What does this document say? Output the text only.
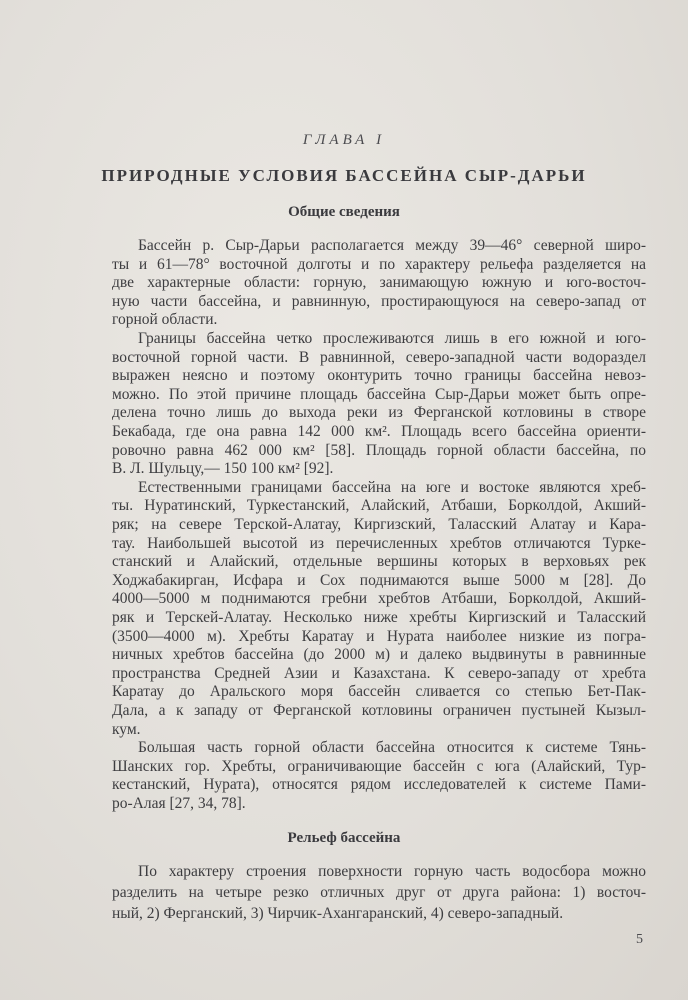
ГЛАВА I
ПРИРОДНЫЕ УСЛОВИЯ БАССЕЙНА СЫР-ДАРЬИ
Общие сведения
Бассейн р. Сыр-Дарьи располагается между 39—46° северной широ-
ты и 61—78° восточной долготы и по характеру рельефа разделяется на
две характерные области: горную, занимающую южную и юго-восточ-
ную части бассейна, и равнинную, простирающуюся на северо-запад от
горной области.
Границы бассейна четко прослеживаются лишь в его южной и юго-
восточной горной части. В равнинной, северо-западной части водораздел
выражен неясно и поэтому оконтурить точно границы бассейна невоз-
можно. По этой причине площадь бассейна Сыр-Дарьи может быть опре-
делена точно лишь до выхода реки из Ферганской котловины в створе
Бекабада, где она равна 142 000 км². Площадь всего бассейна ориенти-
ровочно равна 462 000 км² [58]. Площадь горной области бассейна, по
В. Л. Шульцу,— 150 100 км² [92].
Естественными границами бассейна на юге и востоке являются хреб-
ты. Нуратинский, Туркестанский, Алайский, Атбаши, Борколдой, Акший-
ряк; на севере Терской-Алатау, Киргизский, Таласский Алатау и Кара-
тау. Наибольшей высотой из перечисленных хребтов отличаются Турке-
станский и Алайский, отдельные вершины которых в верховьях рек
Ходжабакирган, Исфара и Сох поднимаются выше 5000 м [28]. До
4000—5000 м поднимаются гребни хребтов Атбаши, Борколдой, Акший-
ряк и Терскей-Алатау. Несколько ниже хребты Киргизский и Таласский
(3500—4000 м). Хребты Каратау и Нурата наиболее низкие из погра-
ничных хребтов бассейна (до 2000 м) и далеко выдвинуты в равнинные
пространства Средней Азии и Казахстана. К северо-западу от хребта
Каратау до Аральского моря бассейн сливается со степью Бет-Пак-
Дала, а к западу от Ферганской котловины ограничен пустыней Кызыл-
кум.
Большая часть горной области бассейна относится к системе Тянь-
Шанских гор. Хребты, ограничивающие бассейн с юга (Алайский, Тур-
кестанский, Нурата), относятся рядом исследователей к системе Пами-
ро-Алая [27, 34, 78].
Рельеф бассейна
По характеру строения поверхности горную часть водосбора можно
разделить на четыре резко отличных друг от друга района: 1) восточ-
ный, 2) Ферганский, 3) Чирчик-Ахангаранский, 4) северо-западный.
5
